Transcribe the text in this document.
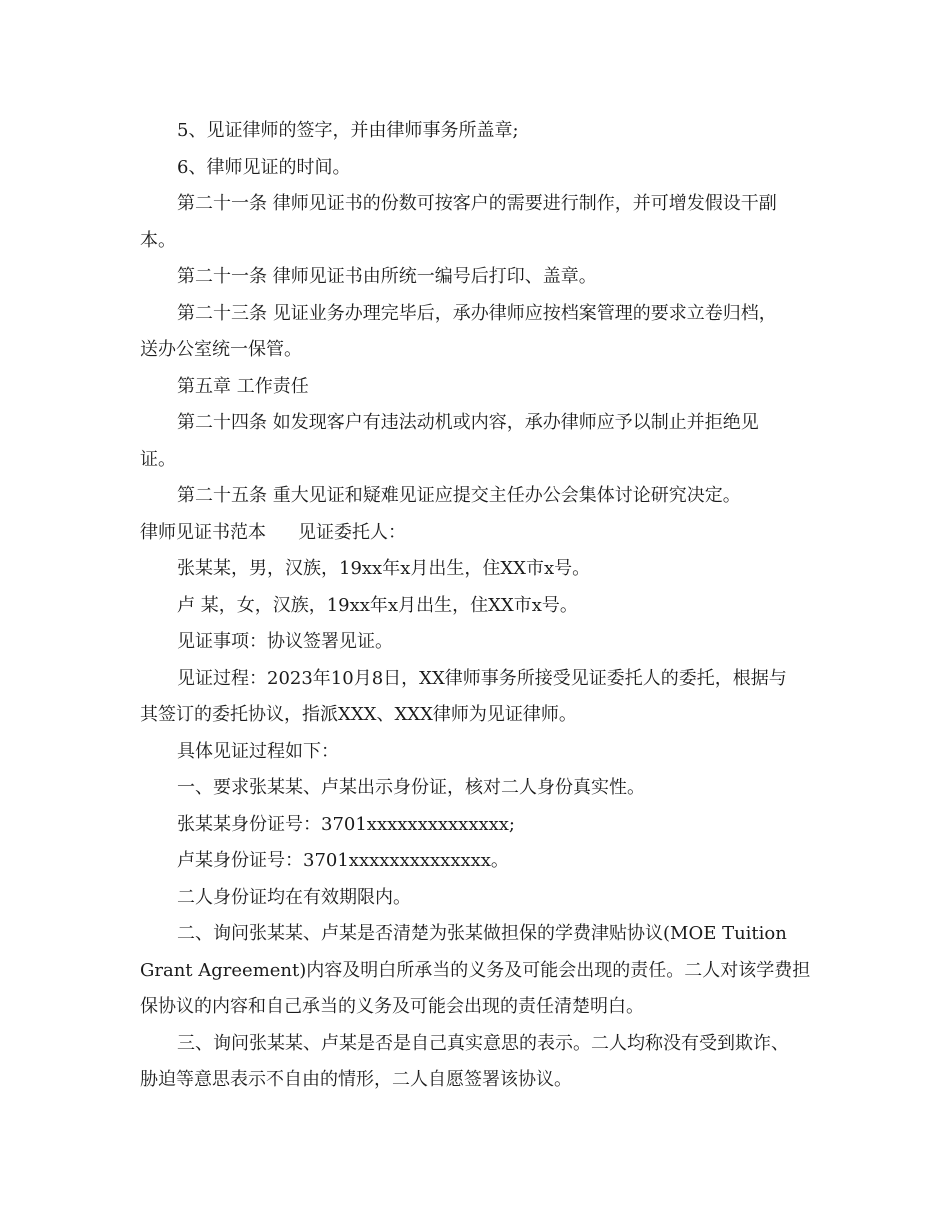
5、见证律师的签字，并由律师事务所盖章;
6、律师见证的时间。
第二十一条 律师见证书的份数可按客户的需要进行制作，并可增发假设干副
本。
第二十一条 律师见证书由所统一编号后打印、盖章。
第二十三条 见证业务办理完毕后，承办律师应按档案管理的要求立卷归档，
送办公室统一保管。
第五章 工作责任
第二十四条 如发现客户有违法动机或内容，承办律师应予以制止并拒绝见
证。
第二十五条 重大见证和疑难见证应提交主任办公会集体讨论研究决定。
律师见证书范本 见证委托人：
张某某，男，汉族，19xx年x月出生，住XX市x号。
卢 某，女，汉族，19xx年x月出生，住XX市x号。
见证事项：协议签署见证。
见证过程：2023年10月8日，XX律师事务所接受见证委托人的委托，根据与
其签订的委托协议，指派XXX、XXX律师为见证律师。
具体见证过程如下：
一、要求张某某、卢某出示身份证，核对二人身份真实性。
张某某身份证号：3701xxxxxxxxxxxxxx;
卢某身份证号：3701xxxxxxxxxxxxxx。
二人身份证均在有效期限内。
二、询问张某某、卢某是否清楚为张某做担保的学费津贴协议(MOE Tuition
Grant Agreement)内容及明白所承当的义务及可能会出现的责任。二人对该学费担
保协议的内容和自己承当的义务及可能会出现的责任清楚明白。
三、询问张某某、卢某是否是自己真实意思的表示。二人均称没有受到欺诈、
胁迫等意思表示不自由的情形，二人自愿签署该协议。
